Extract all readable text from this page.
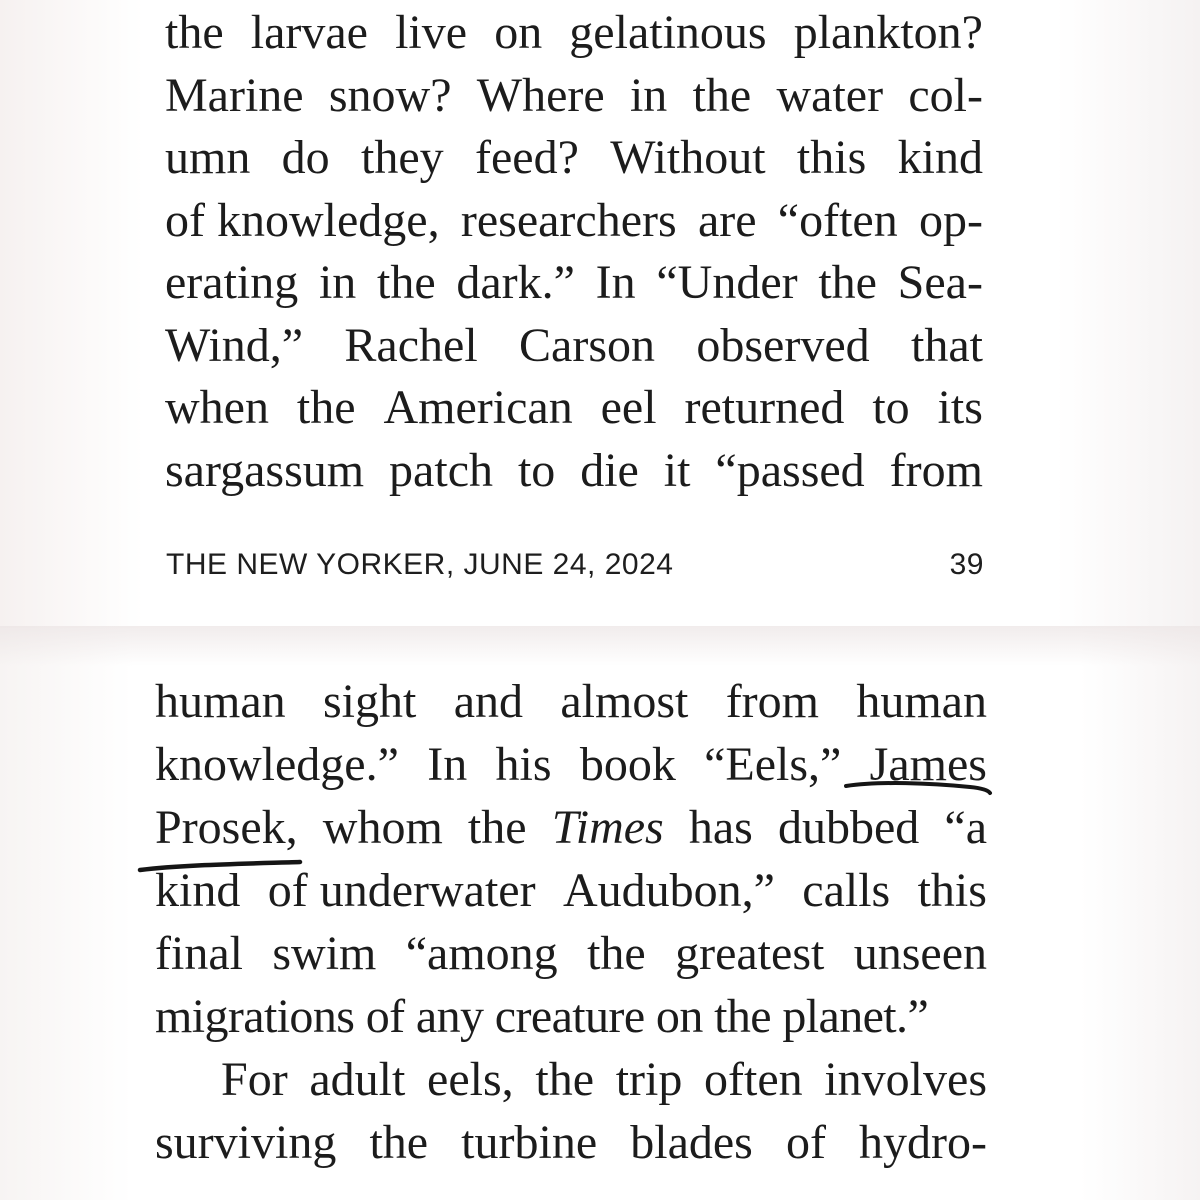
the larvae live on gelatinous plankton?
Marine snow? Where in the water col-
umn do they feed? Without this kind
of knowledge, researchers are “often op-
erating in the dark.” In “Under the Sea-
Wind,” Rachel Carson observed that
when the American eel returned to its
sargassum patch to die it “passed from
THE NEW YORKER, JUNE 24, 2024	39
human sight and almost from human
knowledge.” In his book “Eels,” James
Prosek, whom the Times has dubbed “a
kind of underwater Audubon,” calls this
final swim “among the greatest unseen
migrations of any creature on the planet.”
For adult eels, the trip often involves
surviving the turbine blades of hydro-
